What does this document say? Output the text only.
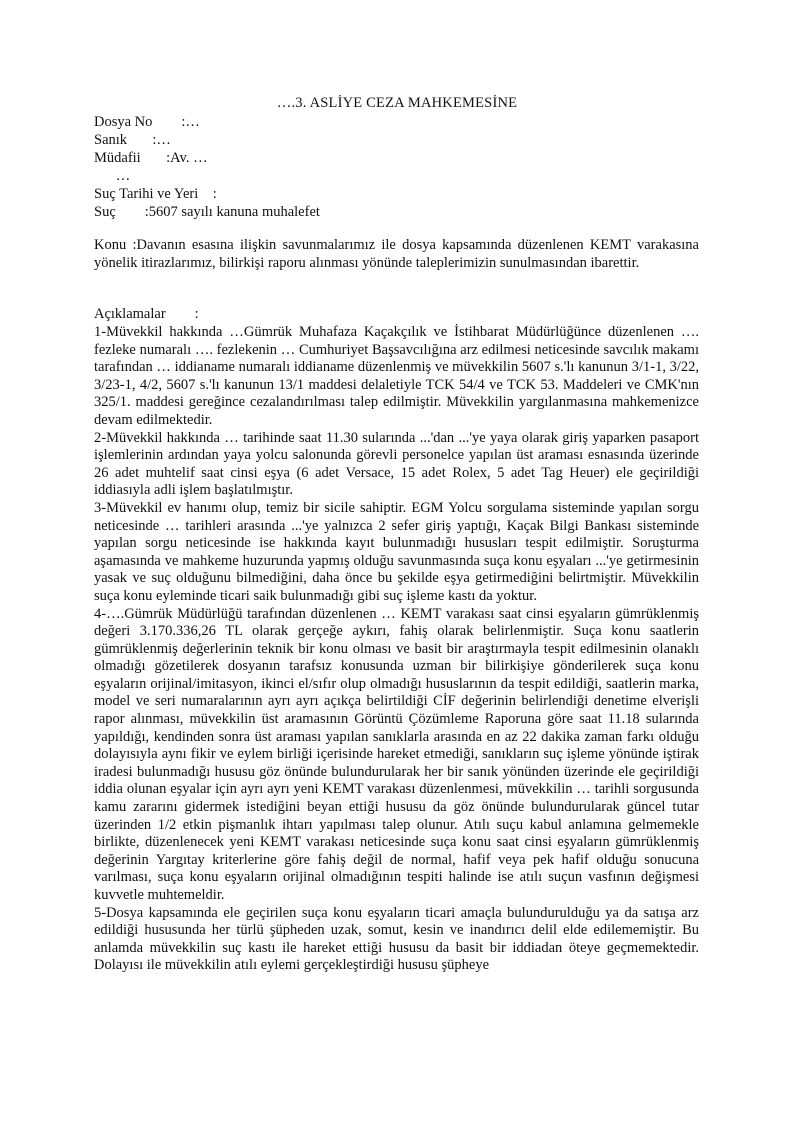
….3. ASLİYE CEZA MAHKEMESİNE
Dosya No        :…
Sanık       :…
Müdafii       :Av. …
…
Suç Tarihi ve Yeri    :
Suç        :5607 sayılı kanuna muhalefet

Konu :Davanın esasına ilişkin savunmalarımız ile dosya kapsamında düzenlenen KEMT varakasına yönelik itirazlarımız, bilirkişi raporu alınması yönünde taleplerimizin sunulmasından ibarettir.

Açıklamalar        :

1-Müvekkil hakkında …Gümrük Muhafaza Kaçakçılık ve İstihbarat Müdürlüğünce düzenlenen …. fezleke numaralı …. fezlekenin … Cumhuriyet Başsavcılığına arz edilmesi neticesinde savcılık makamı tarafından … iddianame numaralı iddianame düzenlenmiş ve müvekkilin 5607 s.'lı kanunun 3/1-1, 3/22, 3/23-1, 4/2, 5607 s.'lı kanunun 13/1 maddesi delaletiyle TCK 54/4 ve TCK 53. Maddeleri ve CMK'nın 325/1. maddesi gereğince cezalandırılması talep edilmiştir. Müvekkilin yargılanmasına mahkemenizce devam edilmektedir.

2-Müvekkil hakkında … tarihinde saat 11.30 sularında ...'dan ...'ye yaya olarak giriş yaparken pasaport işlemlerinin ardından yaya yolcu salonunda görevli personelce yapılan üst araması esnasında üzerinde 26 adet muhtelif saat cinsi eşya (6 adet Versace, 15 adet Rolex, 5 adet Tag Heuer) ele geçirildiği iddiasıyla adli işlem başlatılmıştır.

3-Müvekkil ev hanımı olup, temiz bir sicile sahiptir. EGM Yolcu sorgulama sisteminde yapılan sorgu neticesinde … tarihleri arasında ...'ye yalnızca 2 sefer giriş yaptığı, Kaçak Bilgi Bankası sisteminde yapılan sorgu neticesinde ise hakkında kayıt bulunmadığı hususları tespit edilmiştir. Soruşturma aşamasında ve mahkeme huzurunda yapmış olduğu savunmasında suça konu eşyaları ...'ye getirmesinin yasak ve suç olduğunu bilmediğini, daha önce bu şekilde eşya getirmediğini belirtmiştir. Müvekkilin suça konu eyleminde ticari saik bulunmadığı gibi suç işleme kastı da yoktur.

4-….Gümrük Müdürlüğü tarafından düzenlenen … KEMT varakası saat cinsi eşyaların gümrüklenmiş değeri 3.170.336,26 TL olarak gerçeğe aykırı, fahiş olarak belirlenmiştir. Suça konu saatlerin gümrüklenmiş değerlerinin teknik bir konu olması ve basit bir araştırmayla tespit edilmesinin olanaklı olmadığı gözetilerek dosyanın tarafsız konusunda uzman bir bilirkişiye gönderilerek suça konu eşyaların orijinal/imitasyon, ikinci el/sıfır olup olmadığı hususlarının da tespit edildiği, saatlerin marka, model ve seri numaralarının ayrı ayrı açıkça belirtildiği CİF değerinin belirlendiği denetime elverişli rapor alınması, müvekkilin üst aramasının Görüntü Çözümleme Raporuna göre saat 11.18 sularında yapıldığı, kendinden sonra üst araması yapılan sanıklarla arasında en az 22 dakika zaman farkı olduğu dolayısıyla aynı fikir ve eylem birliği içerisinde hareket etmediği, sanıkların suç işleme yönünde iştirak iradesi bulunmadığı hususu göz önünde bulundurularak her bir sanık yönünden üzerinde ele geçirildiği iddia olunan eşyalar için ayrı ayrı yeni KEMT varakası düzenlenmesi, müvekkilin … tarihli sorgusunda kamu zararını gidermek istediğini beyan ettiği hususu da göz önünde bulundurularak güncel tutar üzerinden 1/2 etkin pişmanlık ihtarı yapılması talep olunur. Atılı suçu kabul anlamına gelmemekle birlikte, düzenlenecek yeni KEMT varakası neticesinde suça konu saat cinsi eşyaların gümrüklenmiş değerinin Yargıtay kriterlerine göre fahiş değil de normal, hafif veya pek hafif olduğu sonucuna varılması, suça konu eşyaların orijinal olmadığının tespiti halinde ise atılı suçun vasfının değişmesi kuvvetle muhtemeldir.

5-Dosya kapsamında ele geçirilen suça konu eşyaların ticari amaçla bulundurulduğu ya da satışa arz edildiği hususunda her türlü şüpheden uzak, somut, kesin ve inandırıcı delil elde edilememiştir. Bu anlamda müvekkilin suç kastı ile hareket ettiği hususu da basit bir iddiadan öteye geçmemektedir. Dolayısı ile müvekkilin atılı eylemi gerçekleştirdiği hususu şüpheye
